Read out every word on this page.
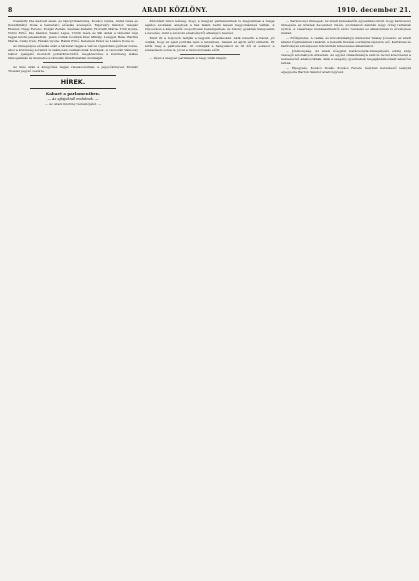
8	ARADI KÖZLÖNY.	1910. december 21.

Csanádfy Ida kedvelt ének- és táncprimadonna, Kovács Gyula, Antal Géza és Szentkirályi Ilona a bemutató előadás szereplői. Fejérváry Sándor, Gáspár Elemér, Nagy Ferenc, Polgár Zoltán, Szénási Katalin, Horváth Mária, Tóth Gyula, Vörös Ernő, Kis Sándor, Szabó Lajos, Török Géza és Pál Antal a társulat régi tagjai közül jeleskedtek. Jelen voltak továbbá Kiss Mihály, Lengyel Béla, Bartha Mária, Csiky Irén, Fábián Gyula, Halmi Ernő, Kelemen Péter és Lukács Ilona is.

Az ünnepélyes előadás után a társulat tagjai a városi vigadóban gyűltek össze, ahol a közönség soraiból is számosan csatlakoztak hozzájuk. A vacsorán Vámossy Gábor igazgató mondott pohárköszöntőt, megköszönve a közönség lelkes támogatását és kiemelve a társulat fáradhatatlan munkáját.

Az ülés után a közgyűlés tagjai visszavonultak, a jegyzőkönyvet Molnár Tivadar jegyző vezette.

HÍREK.
Kabaré a parlamentben.
— Az ajtajuknál mulatnak. —
— Az Aradi Közlöny tudósítójától. —

Kétoldalt nincs kétség, hogy a magyar parlamentnek is megvannak a maga sajátos szokásai, amelyek a ház falain belül lassan hagyománnyá váltak. A folyosókon a képviselők csoportosan beszélgetnek, és bizony gyakran hangosabb a nevetés, mint a szónoki emelvényről elhangzó beszéd.

Mert itt a folyosón tartják a legjobb előadásokat. Akik ismerik a házat, jól tudják, hogy az igazi politika nem a teremben, hanem az ajtók előtt születik. Itt kötik meg a paktumokat, itt csinálják a hangulatot és itt dől el sokszor a szavazások sorsa is, jóval a névsorolvasás előtt.

— Ilyen a magyar parlament a nagy viták idején.

— Karácsonyi ünnepek. Az aradi kereskedők egyesülete közli, hogy karácsony ünnepére az üzletek december 24-én, szombaton délután négy óráig tartanak nyitva. A vasárnapi munkaszünetről szóló rendelet ez alkalommal is érvényben marad.

— Előléptetés. A vallás- és közoktatásügyi miniszter Szalay Józsefet, az aradi állami főgimnázium tanárát, a hetedik fizetési osztályba léptette elő. Kartársai és tanítványai szívélyesen üdvözölték kinevezése alkalmából.

— Jótékonyság. Az aradi nőegylet karácsonyfa-ünnepélyére eddig szép összegű adományok érkeztek. Az egylet választmánya ezúton mond köszönetet a nemesszívű adakozóknak, akik a szegény gyermekek megajándékozását lehetővé tették.

— Eljegyzés. Kovács Ilonát, Kovács Ferenc helybeli kereskedő leányát eljegyezte Bartók Sándor aradi ügyvéd.
